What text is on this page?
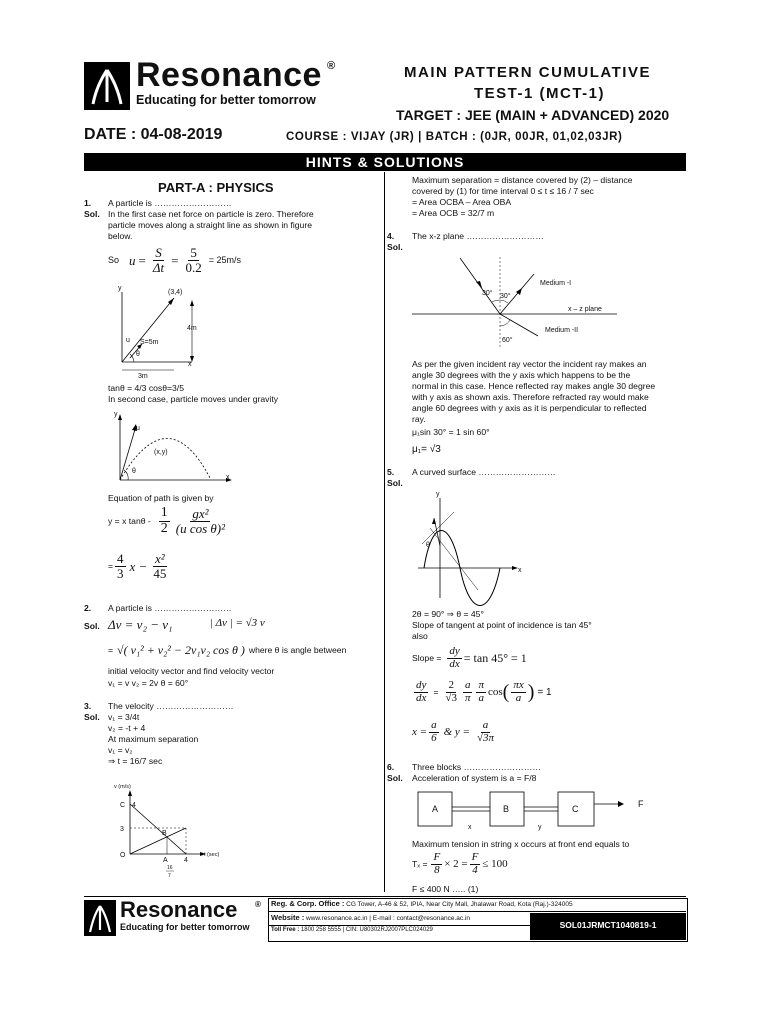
Resonance ®
Educating for better tomorrow
MAIN PATTERN CUMULATIVE
TEST-1 (MCT-1)
TARGET : JEE (MAIN + ADVANCED) 2020
DATE : 04-08-2019	COURSE : VIJAY (JR) | BATCH : (0JR, 00JR, 01,02,03JR)
HINTS & SOLUTIONS
PART-A : PHYSICS
1. A particle is ………………………
Sol. In the first case net force on particle is zero. Therefore
particle moves along a straight line as shown in figure
below.
So $u = \frac{S}{\Delta t} = \frac{5}{0.2} = 25m/s$
y
(3,4)
4m
u S=5m
θ
x
3m
tanθ = 4/3 cosθ=3/5
In second case, particle moves under gravity
y
u
(x,y)
θ
x
Equation of path is given by
y = x tanθ - $\frac{1}{2} \frac{\text{gx²}}{\text{(u cos θ)²}}$
= $\frac{4}{3}$ $x - \frac{\text{x²}}{45}$
2. A particle is ………………………
Sol. Δv = v₂ − v₁	| Δv | = √3 v
= √( v₁² + v₂² − 2v₁v₂ cos θ ) where θ is angle between
initial velocity vector and find velocity vector
v₁ = v v₂ = 2v θ = 60°
3. The velocity ………………………
Sol. v₁ = 3/4t
v₂ = -t + 4
At maximum separation
v₁ = v₂
⇒ t = 16/7 sec
v (m/s)
C 4
3
O
B
A 4
t (sec)
16
7
Maximum separation = distance covered by (2) – distance
covered by (1) for time interval 0 ≤ t ≤ 16 / 7 sec
= Area OCBA – Area OBA
= Area OCB = 32/7 m
4. The x-z plane ………………………
Sol.
30° 30°
60°
Medium -I
x – z plane
Medium -II
As per the given incident ray vector the incident ray makes an
angle 30 degrees with the y axis which happens to be the
normal in this case. Hence reflected ray makes angle 30 degree
with y axis as shown axis. Therefore refracted ray would make
angle 60 degrees with y axis as it is perpendicular to reflected
ray.
μ₁sin 30° = 1 sin 60°
μ₁= √3
5. A curved surface ………………………
Sol.
y
θ
x
2θ = 90° ⇒ θ = 45°
Slope of tangent at point of incidence is tan 45°
also
Slope = $\frac{dy}{dx} = \tan 45^\circ = 1$
$\frac{dy}{dx} = \frac{2}{√3} \frac{a}{\pi} \frac{\pi}{a}$ cos ( $\frac{\pi x}{a}$ ) = 1
$x = \frac{a}{6}$ & $y = \frac{a}{√3\pi}$
6. Three blocks ………………………
Sol. Acceleration of system is a = F/8
A	B	C	F
x	y
Maximum tension in string x occurs at front end equals to
$T_x = \frac{F}{8} \times 2 = \frac{F}{4} \le 100$
F ≤ 400 N ….. (1)
Resonance ®
Educating for better tomorrow
Reg. & Corp. Office : CG Tower, A-46 & 52, IPIA, Near City Mall, Jhalawar Road, Kota (Raj.)-324005
Website : www.resonance.ac.in | E-mail : contact@resonance.ac.in
Toll Free : 1800 258 5555 | CIN: U80302RJ2007PLC024029	SOL01JRMCT1040819-1
